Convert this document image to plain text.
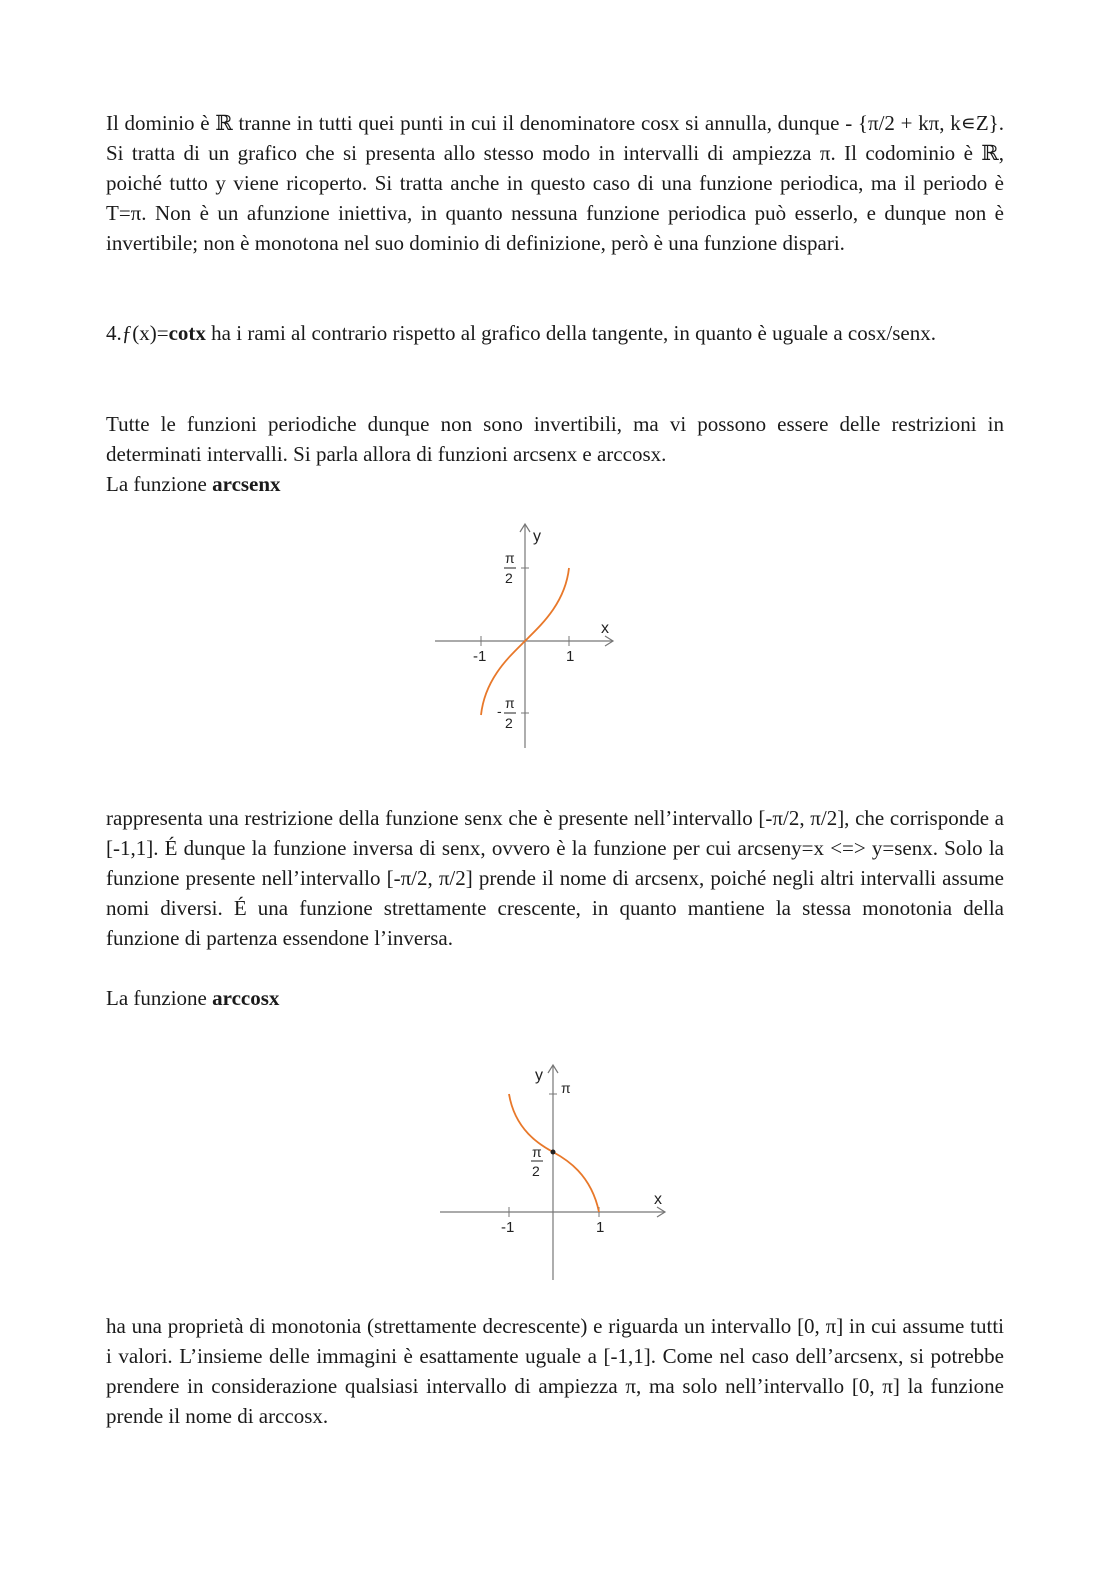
Il dominio è ℝ tranne in tutti quei punti in cui il denominatore cosx si annulla, dunque - {π/2 + kπ, k∊Z}. Si tratta di un grafico che si presenta allo stesso modo in intervalli di ampiezza π. Il codominio è ℝ, poiché tutto y viene ricoperto. Si tratta anche in questo caso di una funzione periodica, ma il periodo è T=π. Non è un afunzione iniettiva, in quanto nessuna funzione periodica può esserlo, e dunque non è invertibile; non è monotona nel suo dominio di definizione, però è una funzione dispari.

4.ƒ(x)=cotx ha i rami al contrario rispetto al grafico della tangente, in quanto è uguale a cosx/senx.

Tutte le funzioni periodiche dunque non sono invertibili, ma vi possono essere delle restrizioni in determinati intervalli. Si parla allora di funzioni arcsenx e arccosx.

La funzione arcsenx

y
x
-1	1
π
2
- π
2

rappresenta una restrizione della funzione senx che è presente nell’intervallo [-π/2, π/2], che corrisponde a [-1,1]. É dunque la funzione inversa di senx, ovvero è la funzione per cui arcseny=x <=> y=senx. Solo la funzione presente nell’intervallo [-π/2, π/2] prende il nome di arcsenx, poiché negli altri intervalli assume nomi diversi. É una funzione strettamente crescente, in quanto mantiene la stessa monotonia della funzione di partenza essendone l’inversa.

La funzione arccosx

y
x
-1	1
π
π
2

ha una proprietà di monotonia (strettamente decrescente) e riguarda un intervallo [0, π] in cui assume tutti i valori. L’insieme delle immagini è esattamente uguale a [-1,1]. Come nel caso dell’arcsenx, si potrebbe prendere in considerazione qualsiasi intervallo di ampiezza π, ma solo nell’intervallo [0, π] la funzione prende il nome di arccosx.
